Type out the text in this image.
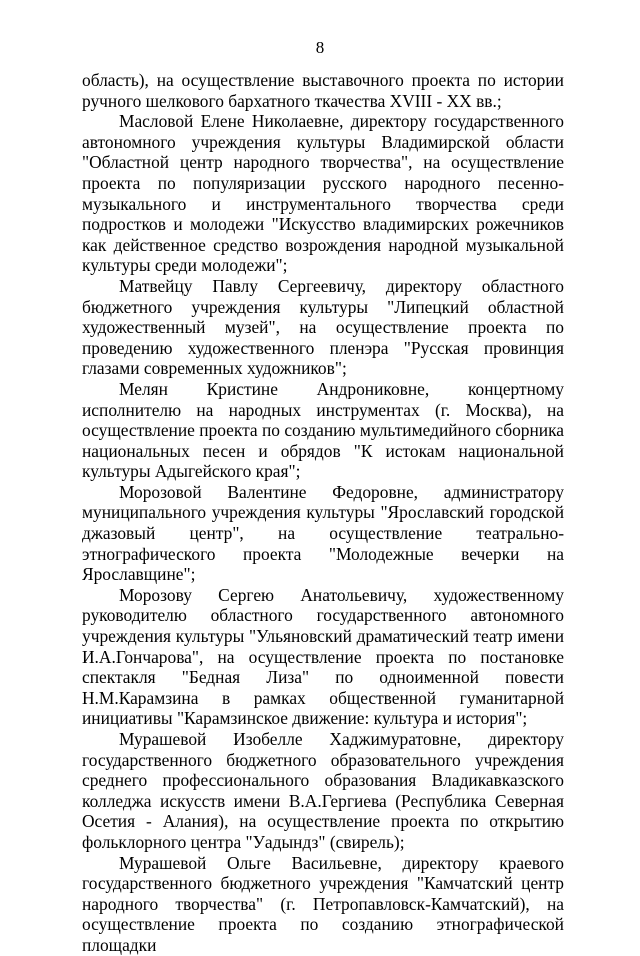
8

область), на осуществление выставочного проекта по истории ручного шелкового бархатного ткачества XVIII - XX вв.;

Масловой Елене Николаевне, директору государственного автономного учреждения культуры Владимирской области "Областной центр народного творчества", на осуществление проекта по популяризации русского народного песенно-музыкального и инструментального творчества среди подростков и молодежи "Искусство владимирских рожечников как действенное средство возрождения народной музыкальной культуры среди молодежи";

Матвейцу Павлу Сергеевичу, директору областного бюджетного учреждения культуры "Липецкий областной художественный музей", на осуществление проекта по проведению художественного пленэра "Русская провинция глазами современных художников";

Мелян Кристине Андрониковне, концертному исполнителю на народных инструментах (г. Москва), на осуществление проекта по созданию мультимедийного сборника национальных песен и обрядов "К истокам национальной культуры Адыгейского края";

Морозовой Валентине Федоровне, администратору муниципального учреждения культуры "Ярославский городской джазовый центр", на осуществление театрально-этнографического проекта "Молодежные вечерки на Ярославщине";

Морозову Сергею Анатольевичу, художественному руководителю областного государственного автономного учреждения культуры "Ульяновский драматический театр имени И.А.Гончарова", на осуществление проекта по постановке спектакля "Бедная Лиза" по одноименной повести Н.М.Карамзина в рамках общественной гуманитарной инициативы "Карамзинское движение: культура и история";

Мурашевой Изобелле Хаджимуратовне, директору государственного бюджетного образовательного учреждения среднего профессионального образования Владикавказского колледжа искусств имени В.А.Гергиева (Республика Северная Осетия - Алания), на осуществление проекта по открытию фольклорного центра "Уадындз" (свирель);

Мурашевой Ольге Васильевне, директору краевого государственного бюджетного учреждения "Камчатский центр народного творчества" (г. Петропавловск-Камчатский), на осуществление проекта по созданию этнографической площадки
